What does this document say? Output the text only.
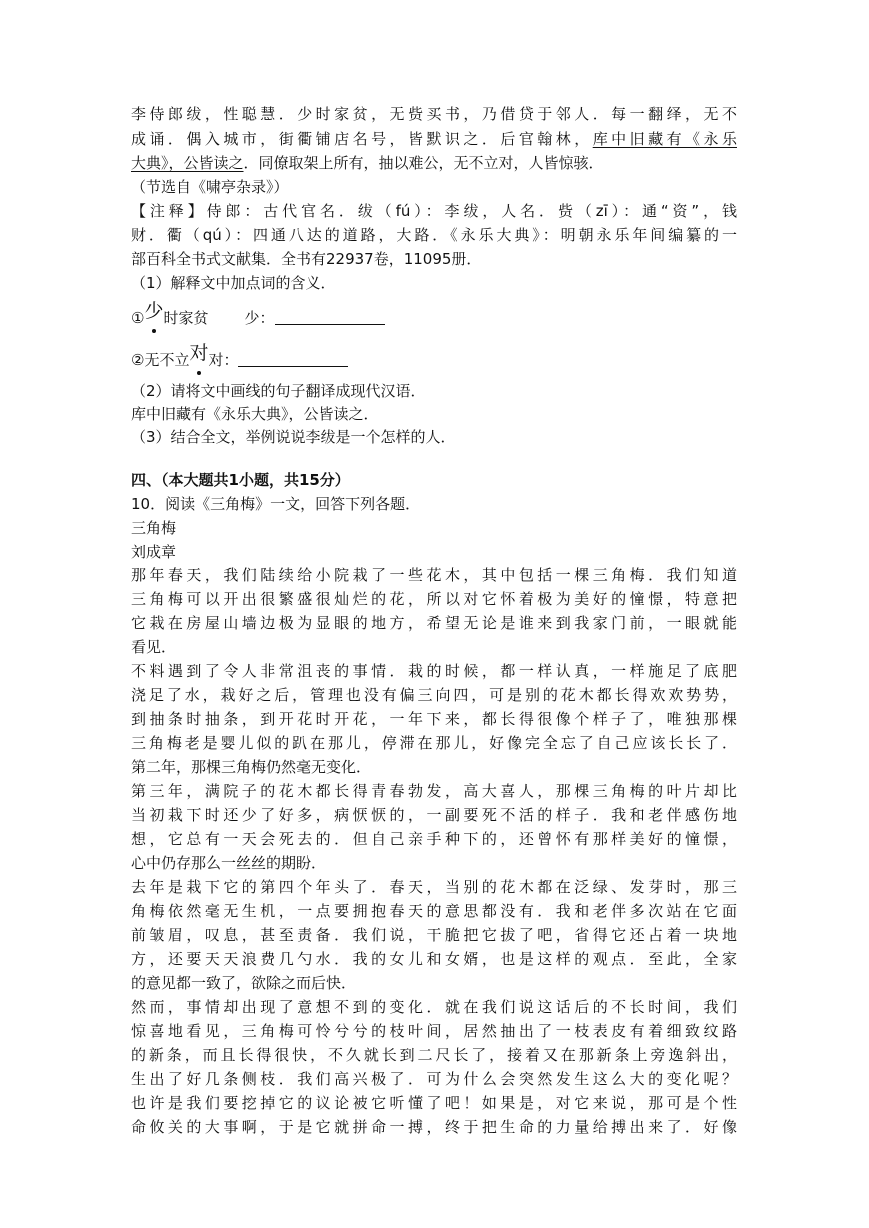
李侍郎绂，性聪慧．少时家贫，无赀买书，乃借贷于邻人．每一翻绎，无不
成诵．偶入城市，街衢铺店名号，皆默识之．后官翰林，库中旧藏有《永乐
大典》，公皆读之．同僚取架上所有，抽以难公，无不立对，人皆惊骇．
（节选自《啸亭杂录》）
【注释】侍郎：古代官名．绂（fú）：李绂，人名．赀（zī）：通“资”，钱
财．衢（qú）：四通八达的道路，大路．《永乐大典》：明朝永乐年间编纂的一
部百科全书式文献集．全书有22937卷，11095册．
（1）解释文中加点词的含义．
①少时家贫 少：
②无不立对对：
（2）请将文中画线的句子翻译成现代汉语．
库中旧藏有《永乐大典》，公皆读之．
（3）结合全文，举例说说李绂是一个怎样的人．
四、（本大题共1小题，共15分）
10．阅读《三角梅》一文，回答下列各题．
三角梅
刘成章
那年春天，我们陆续给小院栽了一些花木，其中包括一棵三角梅．我们知道
三角梅可以开出很繁盛很灿烂的花，所以对它怀着极为美好的憧憬，特意把
它栽在房屋山墙边极为显眼的地方，希望无论是谁来到我家门前，一眼就能
看见．
不料遇到了令人非常沮丧的事情．栽的时候，都一样认真，一样施足了底肥
浇足了水，栽好之后，管理也没有偏三向四，可是别的花木都长得欢欢势势，
到抽条时抽条，到开花时开花，一年下来，都长得很像个样子了，唯独那棵
三角梅老是婴儿似的趴在那儿，停滞在那儿，好像完全忘了自己应该长长了．
第二年，那棵三角梅仍然毫无变化．
第三年，满院子的花木都长得青春勃发，高大喜人，那棵三角梅的叶片却比
当初栽下时还少了好多，病恹恹的，一副要死不活的样子．我和老伴感伤地
想，它总有一天会死去的．但自己亲手种下的，还曾怀有那样美好的憧憬，
心中仍存那么一丝丝的期盼．
去年是栽下它的第四个年头了．春天，当别的花木都在泛绿、发芽时，那三
角梅依然毫无生机，一点要拥抱春天的意思都没有．我和老伴多次站在它面
前皱眉，叹息，甚至责备．我们说，干脆把它拔了吧，省得它还占着一块地
方，还要天天浪费几勺水．我的女儿和女婿，也是这样的观点．至此，全家
的意见都一致了，欲除之而后快．
然而，事情却出现了意想不到的变化．就在我们说这话后的不长时间，我们
惊喜地看见，三角梅可怜兮兮的枝叶间，居然抽出了一枝表皮有着细致纹路
的新条，而且长得很快，不久就长到二尺长了，接着又在那新条上旁逸斜出，
生出了好几条侧枝．我们高兴极了．可为什么会突然发生这么大的变化呢？
也许是我们要挖掉它的议论被它听懂了吧！如果是，对它来说，那可是个性
命攸关的大事啊，于是它就拼命一搏，终于把生命的力量给搏出来了．好像
